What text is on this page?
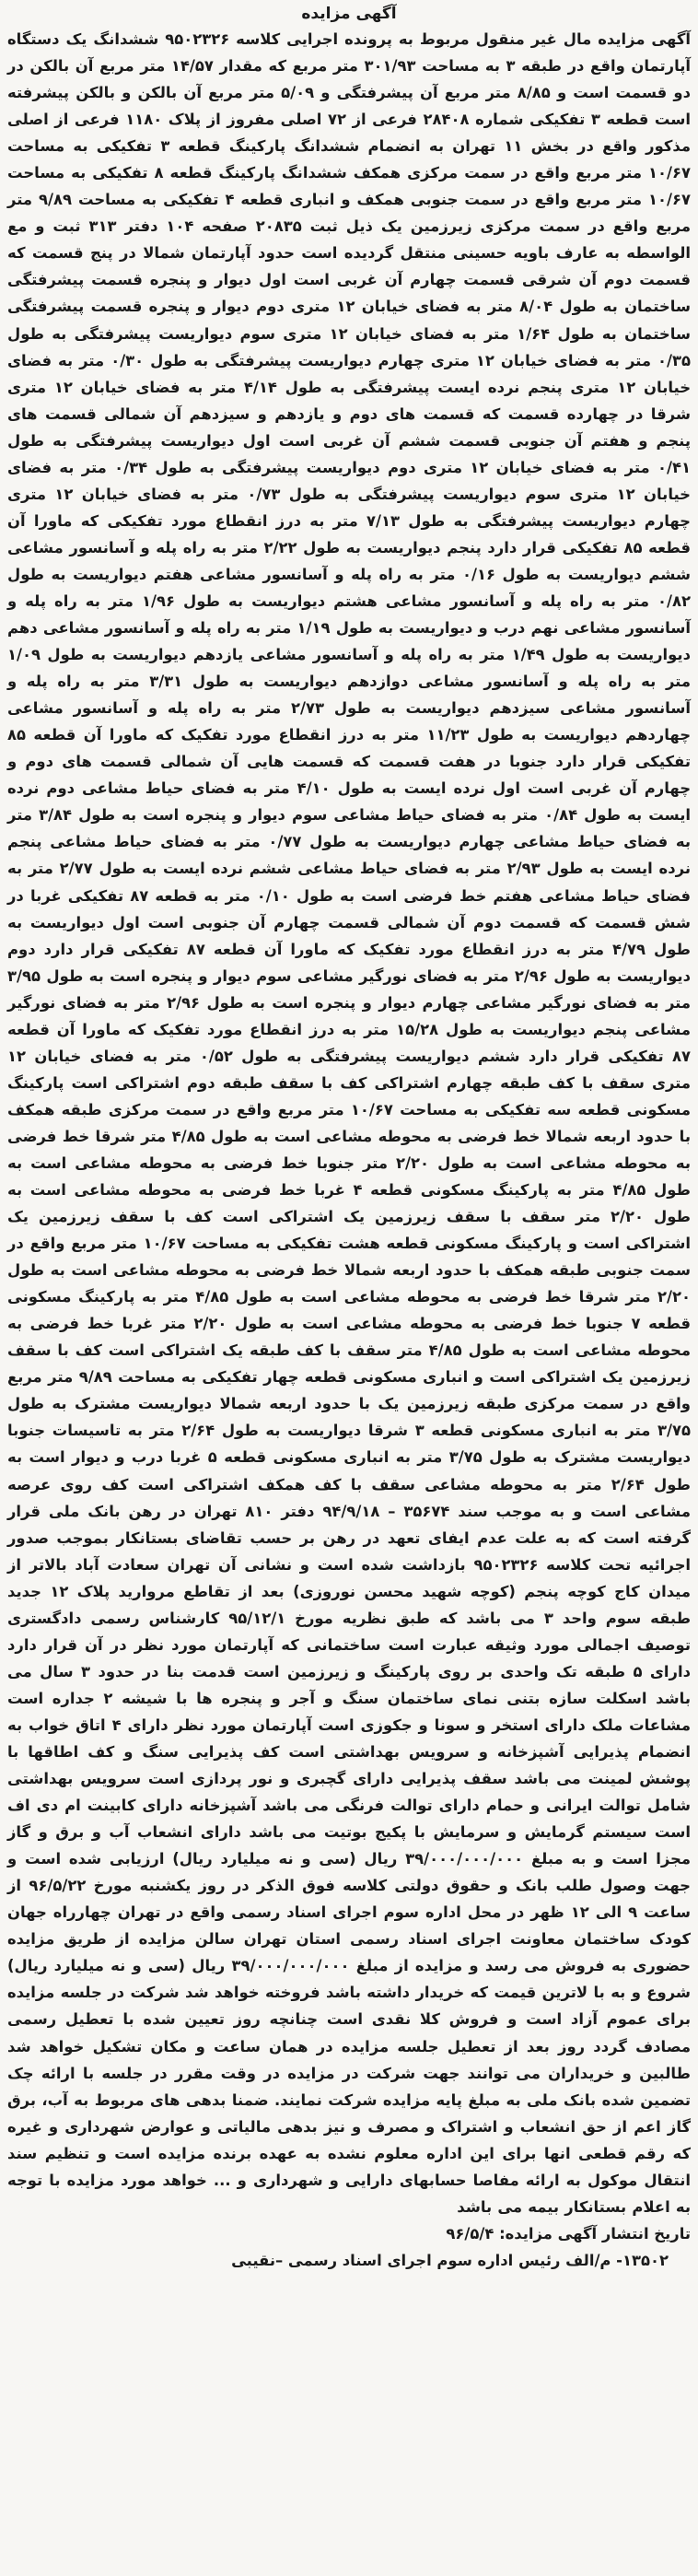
آگهی مزایده

آگهی مزایده مال غیر منقول مربوط به پرونده اجرایی کلاسه ۹۵۰۲۳۲۶ ششدانگ یک دستگاه آپارتمان واقع در طبقه ۳ به مساحت ۳۰۱/۹۳ متر مربع که مقدار ۱۴/۵۷ متر مربع آن بالکن در دو قسمت است و ۸/۸۵ متر مربع آن پیشرفتگی و ۵/۰۹ متر مربع آن بالکن و بالکن پیشرفته است قطعه ۳ تفکیکی شماره ۲۸۴۰۸ فرعی از ۷۲ اصلی مفروز از پلاک ۱۱۸۰ فرعی از اصلی مذکور واقع در بخش ۱۱ تهران به انضمام ششدانگ پارکینگ قطعه ۳ تفکیکی به مساحت ۱۰/۶۷ متر مربع واقع در سمت مرکزی همکف ششدانگ پارکینگ قطعه ۸ تفکیکی به مساحت ۱۰/۶۷ متر مربع واقع در سمت جنوبی همکف و انباری قطعه ۴ تفکیکی به مساحت ۹/۸۹ متر مربع واقع در سمت مرکزی زیرزمین یک ذیل ثبت ۲۰۸۳۵ صفحه ۱۰۴ دفتر ۳۱۳ ثبت و مع الواسطه به عارف باویه حسینی منتقل گردیده است حدود آپارتمان شمالا در پنج قسمت که قسمت دوم آن شرقی قسمت چهارم آن غربی است اول دیوار و پنجره قسمت پیشرفتگی ساختمان به طول ۸/۰۴ متر به فضای خیابان ۱۲ متری دوم دیوار و پنجره قسمت پیشرفتگی ساختمان به طول ۱/۶۴ متر به فضای خیابان ۱۲ متری سوم دیواریست پیشرفتگی به طول ۰/۳۵ متر به فضای خیابان ۱۲ متری چهارم دیواریست پیشرفتگی به طول ۰/۳۰ متر به فضای خیابان ۱۲ متری پنجم نرده ایست پیشرفتگی به طول ۴/۱۴ متر به فضای خیابان ۱۲ متری شرقا در چهارده قسمت که قسمت های دوم و یازدهم و سیزدهم آن شمالی قسمت های پنجم و هفتم آن جنوبی قسمت ششم آن غربی است اول دیواریست پیشرفتگی به طول ۰/۴۱ متر به فضای خیابان ۱۲ متری دوم دیواریست پیشرفتگی به طول ۰/۳۴ متر به فضای خیابان ۱۲ متری سوم دیواریست پیشرفتگی به طول ۰/۷۳ متر به فضای خیابان ۱۲ متری چهارم دیواریست پیشرفتگی به طول ۷/۱۳ متر به درز انقطاع مورد تفکیکی که ماورا آن قطعه ۸۵ تفکیکی قرار دارد پنجم دیواریست به طول ۲/۲۲ متر به راه پله و آسانسور مشاعی ششم دیواریست به طول ۰/۱۶ متر به راه پله و آسانسور مشاعی هفتم دیواریست به طول ۰/۸۲ متر به راه پله و آسانسور مشاعی هشتم دیواریست به طول ۱/۹۶ متر به راه پله و آسانسور مشاعی نهم درب و دیواریست به طول ۱/۱۹ متر به راه پله و آسانسور مشاعی دهم دیواریست به طول ۱/۴۹ متر به راه پله و آسانسور مشاعی یازدهم دیواریست به طول ۱/۰۹ متر به راه پله و آسانسور مشاعی دوازدهم دیواریست به طول ۳/۳۱ متر به راه پله و آسانسور مشاعی سیزدهم دیواریست به طول ۲/۷۳ متر به راه پله و آسانسور مشاعی چهاردهم دیواریست به طول ۱۱/۲۳ متر به درز انقطاع مورد تفکیک که ماورا آن قطعه ۸۵ تفکیکی قرار دارد جنوبا در هفت قسمت که قسمت هایی آن شمالی قسمت های دوم و چهارم آن غربی است اول نرده ایست به طول ۴/۱۰ متر به فضای حیاط مشاعی دوم نرده ایست به طول ۰/۸۴ متر به فضای حیاط مشاعی سوم دیوار و پنجره است به طول ۳/۸۴ متر به فضای حیاط مشاعی چهارم دیواریست به طول ۰/۷۷ متر به فضای حیاط مشاعی پنجم نرده ایست به طول ۲/۹۳ متر به فضای حیاط مشاعی ششم نرده ایست به طول ۲/۷۷ متر به فضای حیاط مشاعی هفتم خط فرضی است به طول ۰/۱۰ متر به قطعه ۸۷ تفکیکی غربا در شش قسمت که قسمت دوم آن شمالی قسمت چهارم آن جنوبی است اول دیواریست به طول ۴/۷۹ متر به درز انقطاع مورد تفکیک که ماورا آن قطعه ۸۷ تفکیکی قرار دارد دوم دیواریست به طول ۲/۹۶ متر به فضای نورگیر مشاعی سوم دیوار و پنجره است به طول ۳/۹۵ متر به فضای نورگیر مشاعی چهارم دیوار و پنجره است به طول ۲/۹۶ متر به فضای نورگیر مشاعی پنجم دیواریست به طول ۱۵/۲۸ متر به درز انقطاع مورد تفکیک که ماورا آن قطعه ۸۷ تفکیکی قرار دارد ششم دیواریست پیشرفتگی به طول ۰/۵۲ متر به فضای خیابان ۱۲ متری سقف با کف طبقه چهارم اشتراکی کف با سقف طبقه دوم اشتراکی است پارکینگ مسکونی قطعه سه تفکیکی به مساحت ۱۰/۶۷ متر مربع واقع در سمت مرکزی طبقه همکف با حدود اربعه شمالا خط فرضی به محوطه مشاعی است به طول ۴/۸۵ متر شرقا خط فرضی به محوطه مشاعی است به طول ۲/۲۰ متر جنوبا خط فرضی به محوطه مشاعی است به طول ۴/۸۵ متر به پارکینگ مسکونی قطعه ۴ غربا خط فرضی به محوطه مشاعی است به طول ۲/۲۰ متر سقف با سقف زیرزمین یک اشتراکی است کف با سقف زیرزمین یک اشتراکی است و پارکینگ مسکونی قطعه هشت تفکیکی به مساحت ۱۰/۶۷ متر مربع واقع در سمت جنوبی طبقه همکف با حدود اربعه شمالا خط فرضی به محوطه مشاعی است به طول ۲/۲۰ متر شرقا خط فرضی به محوطه مشاعی است به طول ۴/۸۵ متر به پارکینگ مسکونی قطعه ۷ جنوبا خط فرضی به محوطه مشاعی است به طول ۲/۲۰ متر غربا خط فرضی به محوطه مشاعی است به طول ۴/۸۵ متر سقف با کف طبقه یک اشتراکی است کف با سقف زیرزمین یک اشتراکی است و انباری مسکونی قطعه چهار تفکیکی به مساحت ۹/۸۹ متر مربع واقع در سمت مرکزی طبقه زیرزمین یک با حدود اربعه شمالا دیواریست مشترک به طول ۳/۷۵ متر به انباری مسکونی قطعه ۳ شرقا دیواریست به طول ۲/۶۴ متر به تاسیسات جنوبا دیواریست مشترک به طول ۳/۷۵ متر به انباری مسکونی قطعه ۵ غربا درب و دیوار است به طول ۲/۶۴ متر به محوطه مشاعی سقف با کف همکف اشتراکی است کف روی عرصه مشاعی است و به موجب سند ۳۵۶۷۴ – ۹۴/۹/۱۸ دفتر ۸۱۰ تهران در رهن بانک ملی قرار گرفته است که به علت عدم ایفای تعهد در رهن بر حسب تقاضای بستانکار بموجب صدور اجرائیه تحت کلاسه ۹۵۰۲۳۲۶ بازداشت شده است و نشانی آن تهران سعادت آباد بالاتر از میدان کاج کوچه پنجم (کوچه شهید محسن نوروزی) بعد از تقاطع مروارید پلاک ۱۲ جدید طبقه سوم واحد ۳ می باشد که طبق نظریه مورخ ۹۵/۱۲/۱ کارشناس رسمی دادگستری توصیف اجمالی مورد وثیقه عبارت است ساختمانی که آپارتمان مورد نظر در آن قرار دارد دارای ۵ طبقه تک واحدی بر روی پارکینگ و زیرزمین است قدمت بنا در حدود ۳ سال می باشد اسکلت سازه بتنی نمای ساختمان سنگ و آجر و پنجره ها با شیشه ۲ جداره است مشاعات ملک دارای استخر و سونا و جکوزی است آپارتمان مورد نظر دارای ۴ اتاق خواب به انضمام پذیرایی آشپزخانه و سرویس بهداشتی است کف پذیرایی سنگ و کف اطاقها با پوشش لمینت می باشد سقف پذیرایی دارای گچبری و نور پردازی است سرویس بهداشتی شامل توالت ایرانی و حمام دارای توالت فرنگی می باشد آشپزخانه دارای کابینت ام دی اف است سیستم گرمایش و سرمایش با پکیج بوتیت می باشد دارای انشعاب آب و برق و گاز مجزا است و به مبلغ ۳۹/۰۰۰/۰۰۰/۰۰۰ ریال (سی و نه میلیارد ریال) ارزیابی شده است و جهت وصول طلب بانک و حقوق دولتی کلاسه فوق الذکر در روز یکشنبه مورخ ۹۶/۵/۲۲ از ساعت ۹ الی ۱۲ ظهر در محل اداره سوم اجرای اسناد رسمی واقع در تهران چهارراه جهان کودک ساختمان معاونت اجرای اسناد رسمی استان تهران سالن مزایده از طریق مزایده حضوری به فروش می رسد و مزایده از مبلغ ۳۹/۰۰۰/۰۰۰/۰۰۰ ریال (سی و نه میلیارد ریال) شروع و به با لاترین قیمت که خریدار داشته باشد فروخته خواهد شد شرکت در جلسه مزایده برای عموم آزاد است و فروش کلا نقدی است چنانچه روز تعیین شده با تعطیل رسمی مصادف گردد روز بعد از تعطیل جلسه مزایده در همان ساعت و مکان تشکیل خواهد شد طالبین و خریداران می توانند جهت شرکت در مزایده در وقت مقرر در جلسه با ارائه چک تضمین شده بانک ملی به مبلغ پایه مزایده شرکت نمایند. ضمنا بدهی های مربوط به آب، برق گاز اعم از حق انشعاب و اشتراک و مصرف و نیز بدهی مالیاتی و عوارض شهرداری و غیره که رقم قطعی انها برای این اداره معلوم نشده به عهده برنده مزایده است و تنظیم سند انتقال موکول به ارائه مفاصا حسابهای دارایی و شهرداری و ... خواهد مورد مزایده با توجه به اعلام بستانکار بیمه می باشد

تاریخ انتشار آگهی مزایده: ۹۶/۵/۴

۱۳۵۰۲- م/الف رئیس اداره سوم اجرای اسناد رسمی –نقیبی
